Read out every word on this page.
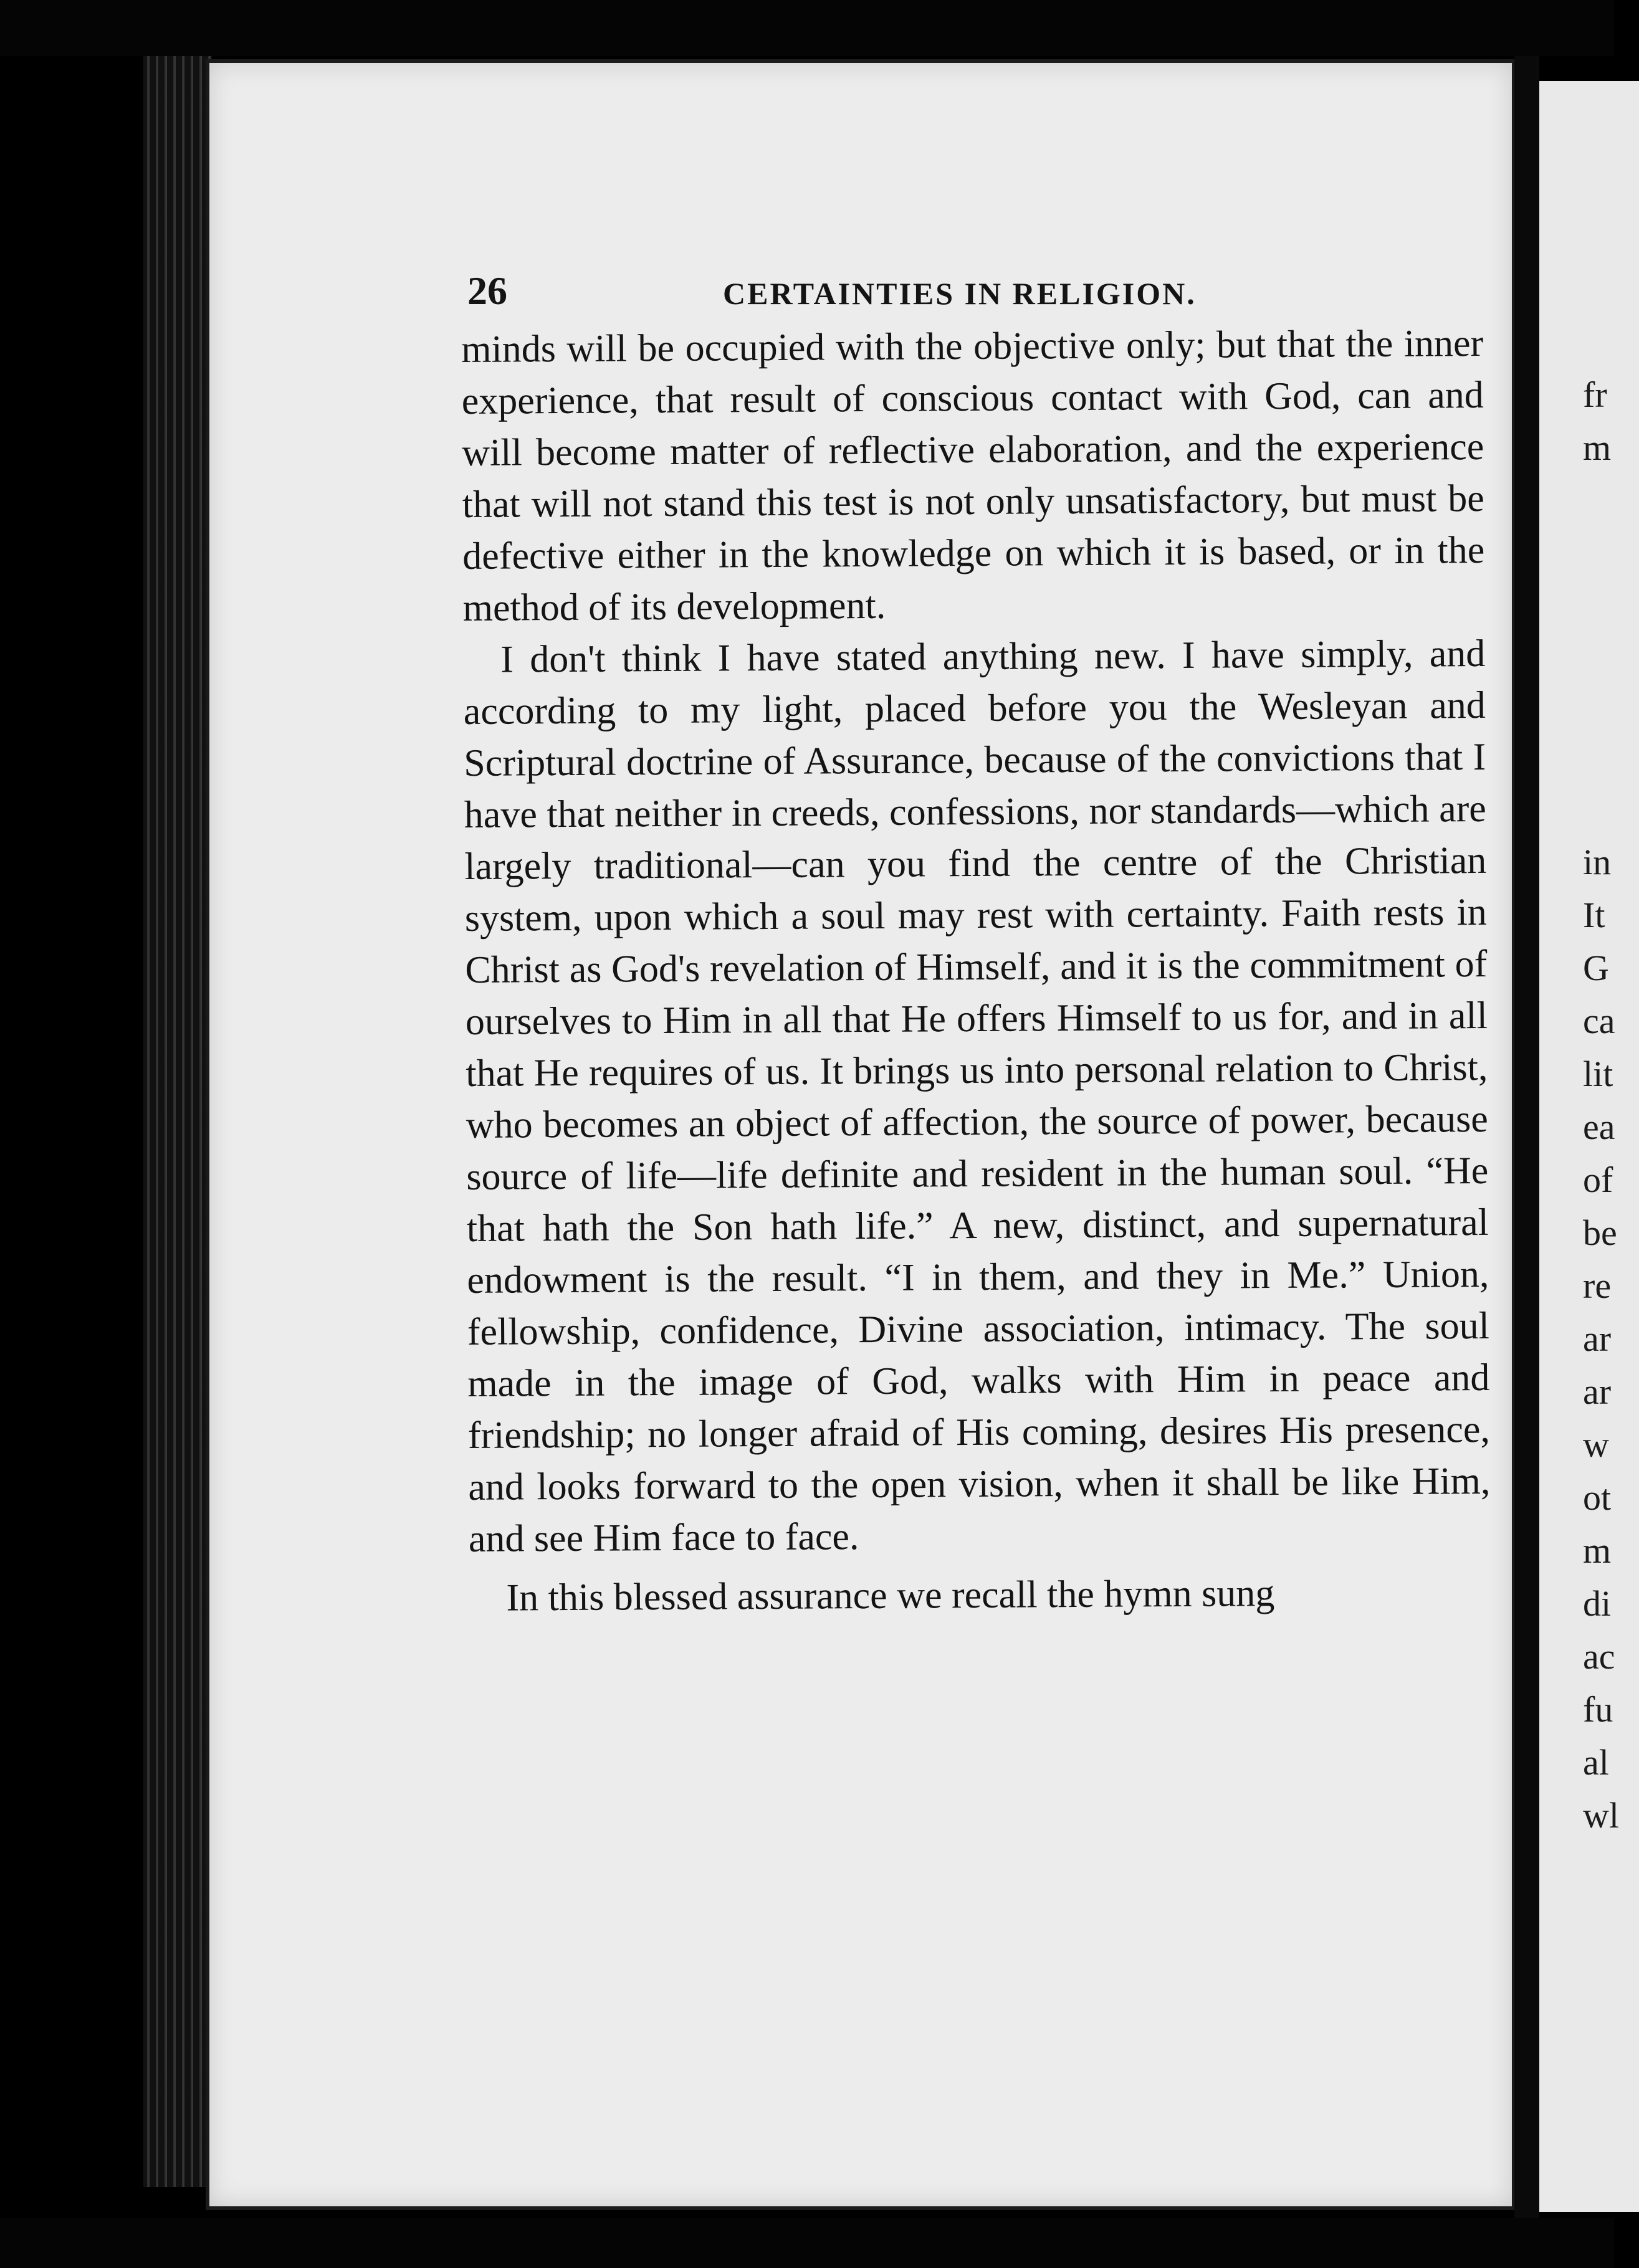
26	CERTAINTIES IN RELIGION.

minds will be occupied with the objective only; but that the inner experience, that result of conscious contact with God, can and will become matter of reflective elaboration, and the experience that will not stand this test is not only unsatisfactory, but must be defective either in the knowledge on which it is based, or in the method of its development.

I don't think I have stated anything new. I have simply, and according to my light, placed before you the Wesleyan and Scriptural doctrine of Assurance, because of the convictions that I have that neither in creeds, confessions, nor standards—which are largely traditional—can you find the centre of the Christian system, upon which a soul may rest with certainty. Faith rests in Christ as God's revelation of Himself, and it is the commitment of ourselves to Him in all that He offers Himself to us for, and in all that He requires of us. It brings us into personal relation to Christ, who becomes an object of affection, the source of power, because source of life—life definite and resident in the human soul. “He that hath the Son hath life.” A new, distinct, and supernatural endowment is the result. “I in them, and they in Me.” Union, fellowship, confidence, Divine association, intimacy. The soul made in the image of God, walks with Him in peace and friendship; no longer afraid of His coming, desires His presence, and looks forward to the open vision, when it shall be like Him, and see Him face to face.

In this blessed assurance we recall the hymn sung

fr
m
in
It
G
ca
lit
ea
of
be
re
ar
ar
w
ot
m
di
ac
fu
al
wl
